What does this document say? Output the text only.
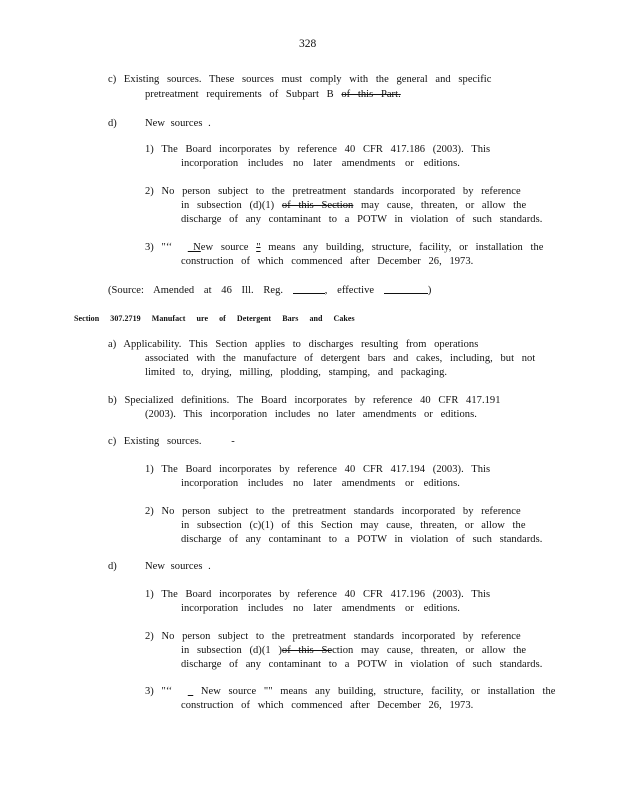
328
c) Existing sources. These sources must comply with the general and specific
pretreatment requirements of Subpart B of this Part.
d)	New sources .
1) The Board incorporates by reference 40 CFR 417.186 (2003). This
incorporation includes no later amendments or editions.
2) No person subject to the pretreatment standards incorporated by reference
in subsection (d)(1) of this Section may cause, threaten, or allow the
discharge of any contaminant to a POTW in violation of such standards.
3) "‘‘ _New source " means any building, structure, facility, or installation the
construction of which commenced after December 26, 1973.
(Source: Amended at 46 Ill. Reg.	, effective	)
Section 307.2719 Manufact ure of Detergent Bars and Cakes
a) Applicability. This Section applies to discharges resulting from operations
associated with the manufacture of detergent bars and cakes, including, but not
limited to, drying, milling, plodding, stamping, and packaging.
b) Specialized definitions. The Board incorporates by reference 40 CFR 417.191
(2003). This incorporation includes no later amendments or editions.
c) Existing sources.	-
1) The Board incorporates by reference 40 CFR 417.194 (2003). This
incorporation includes no later amendments or editions.
2) No person subject to the pretreatment standards incorporated by reference
in subsection (c)(1) of this Section may cause, threaten, or allow the
discharge of any contaminant to a POTW in violation of such standards.
d)	New sources .
1) The Board incorporates by reference 40 CFR 417.196 (2003). This
incorporation includes no later amendments or editions.
2) No person subject to the pretreatment standards incorporated by reference
in subsection (d)(1 )of this Section may cause, threaten, or allow the
discharge of any contaminant to a POTW in violation of such standards.
3) "‘‘ _ New source "" means any building, structure, facility, or installation the
construction of which commenced after December 26, 1973.
